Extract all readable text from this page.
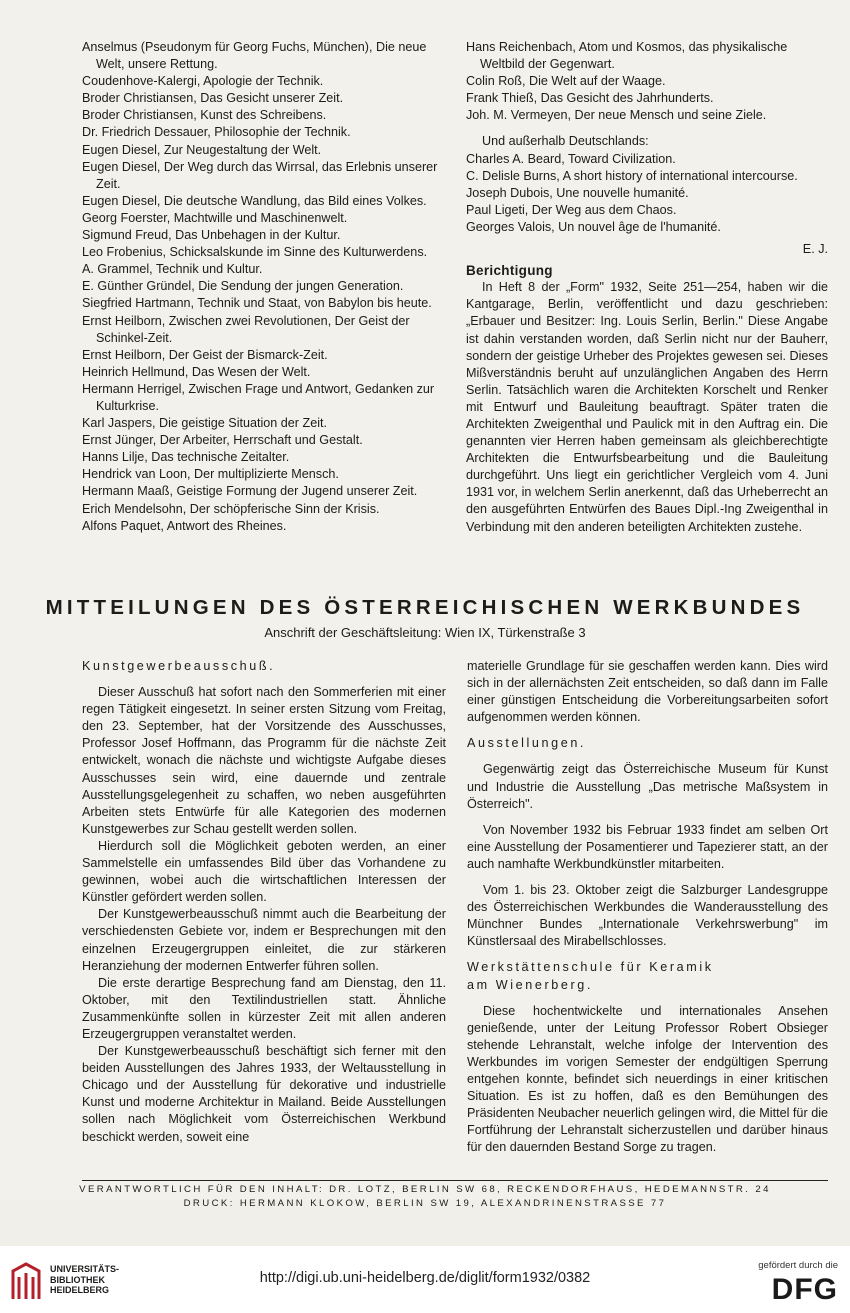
Anselmus (Pseudonym für Georg Fuchs, München), Die neue Welt, unsere Rettung.

Coudenhove-Kalergi, Apologie der Technik.

Broder Christiansen, Das Gesicht unserer Zeit.

Broder Christiansen, Kunst des Schreibens.

Dr. Friedrich Dessauer, Philosophie der Technik.

Eugen Diesel, Zur Neugestaltung der Welt.

Eugen Diesel, Der Weg durch das Wirrsal, das Erlebnis unserer Zeit.

Eugen Diesel, Die deutsche Wandlung, das Bild eines Volkes.

Georg Foerster, Machtwille und Maschinenwelt.

Sigmund Freud, Das Unbehagen in der Kultur.

Leo Frobenius, Schicksalskunde im Sinne des Kulturwerdens.

A. Grammel, Technik und Kultur.

E. Günther Gründel, Die Sendung der jungen Generation.

Siegfried Hartmann, Technik und Staat, von Babylon bis heute.

Ernst Heilborn, Zwischen zwei Revolutionen, Der Geist der Schinkel-Zeit.

Ernst Heilborn, Der Geist der Bismarck-Zeit.

Heinrich Hellmund, Das Wesen der Welt.

Hermann Herrigel, Zwischen Frage und Antwort, Gedanken zur Kulturkrise.

Karl Jaspers, Die geistige Situation der Zeit.

Ernst Jünger, Der Arbeiter, Herrschaft und Gestalt.

Hanns Lilje, Das technische Zeitalter.

Hendrick van Loon, Der multiplizierte Mensch.

Hermann Maaß, Geistige Formung der Jugend unserer Zeit.

Erich Mendelsohn, Der schöpferische Sinn der Krisis.

Alfons Paquet, Antwort des Rheines.

Hans Reichenbach, Atom und Kosmos, das physikalische Weltbild der Gegenwart.

Colin Roß, Die Welt auf der Waage.

Frank Thieß, Das Gesicht des Jahrhunderts.

Joh. M. Vermeyen, Der neue Mensch und seine Ziele.

Und außerhalb Deutschlands:

Charles A. Beard, Toward Civilization.

C. Delisle Burns, A short history of international intercourse.

Joseph Dubois, Une nouvelle humanité.

Paul Ligeti, Der Weg aus dem Chaos.

Georges Valois, Un nouvel âge de l'humanité.

E. J.

Berichtigung

In Heft 8 der „Form" 1932, Seite 251—254, haben wir die Kantgarage, Berlin, veröffentlicht und dazu geschrieben: „Erbauer und Besitzer: Ing. Louis Serlin, Berlin." Diese Angabe ist dahin verstanden worden, daß Serlin nicht nur der Bauherr, sondern der geistige Urheber des Projektes gewesen sei. Dieses Mißverständnis beruht auf unzulänglichen Angaben des Herrn Serlin. Tatsächlich waren die Architekten Korschelt und Renker mit Entwurf und Bauleitung beauftragt. Später traten die Architekten Zweigenthal und Paulick mit in den Auftrag ein. Die genannten vier Herren haben gemeinsam als gleichberechtigte Architekten die Entwurfsbearbeitung und die Bauleitung durchgeführt. Uns liegt ein gerichtlicher Vergleich vom 4. Juni 1931 vor, in welchem Serlin anerkennt, daß das Urheberrecht an den ausgeführten Entwürfen des Baues Dipl.-Ing Zweigenthal in Verbindung mit den anderen beteiligten Architekten zustehe.

MITTEILUNGEN DES ÖSTERREICHISCHEN WERKBUNDES
Anschrift der Geschäftsleitung: Wien IX, Türkenstraße 3

Kunstgewerbeausschuß.

Dieser Ausschuß hat sofort nach den Sommerferien mit einer regen Tätigkeit eingesetzt. In seiner ersten Sitzung vom Freitag, den 23. September, hat der Vorsitzende des Ausschusses, Professor Josef Hoffmann, das Programm für die nächste Zeit entwickelt, wonach die nächste und wichtigste Aufgabe dieses Ausschusses sein wird, eine dauernde und zentrale Ausstellungsgelegenheit zu schaffen, wo neben ausgeführten Arbeiten stets Entwürfe für alle Kategorien des modernen Kunstgewerbes zur Schau gestellt werden sollen.

Hierdurch soll die Möglichkeit geboten werden, an einer Sammelstelle ein umfassendes Bild über das Vorhandene zu gewinnen, wobei auch die wirtschaftlichen Interessen der Künstler gefördert werden sollen.

Der Kunstgewerbeausschuß nimmt auch die Bearbeitung der verschiedensten Gebiete vor, indem er Besprechungen mit den einzelnen Erzeugergruppen einleitet, die zur stärkeren Heranziehung der modernen Entwerfer führen sollen.

Die erste derartige Besprechung fand am Dienstag, den 11. Oktober, mit den Textilindustriellen statt. Ähnliche Zusammenkünfte sollen in kürzester Zeit mit allen anderen Erzeugergruppen veranstaltet werden.

Der Kunstgewerbeausschuß beschäftigt sich ferner mit den beiden Ausstellungen des Jahres 1933, der Weltausstellung in Chicago und der Ausstellung für dekorative und industrielle Kunst und moderne Architektur in Mailand. Beide Ausstellungen sollen nach Möglichkeit vom Österreichischen Werkbund beschickt werden, soweit eine

materielle Grundlage für sie geschaffen werden kann. Dies wird sich in der allernächsten Zeit entscheiden, so daß dann im Falle einer günstigen Entscheidung die Vorbereitungsarbeiten sofort aufgenommen werden können.

Ausstellungen.

Gegenwärtig zeigt das Österreichische Museum für Kunst und Industrie die Ausstellung „Das metrische Maßsystem in Österreich".

Von November 1932 bis Februar 1933 findet am selben Ort eine Ausstellung der Posamentierer und Tapezierer statt, an der auch namhafte Werkbundkünstler mitarbeiten.

Vom 1. bis 23. Oktober zeigt die Salzburger Landesgruppe des Österreichischen Werkbundes die Wanderausstellung des Münchner Bundes „Internationale Verkehrswerbung" im Künstlersaal des Mirabellschlosses.

Werkstättenschule für Keramik

am Wienerberg.

Diese hochentwickelte und internationales Ansehen genießende, unter der Leitung Professor Robert Obsieger stehende Lehranstalt, welche infolge der Intervention des Werkbundes im vorigen Semester der endgültigen Sperrung entgehen konnte, befindet sich neuerdings in einer kritischen Situation. Es ist zu hoffen, daß es den Bemühungen des Präsidenten Neubacher neuerlich gelingen wird, die Mittel für die Fortführung der Lehranstalt sicherzustellen und darüber hinaus für den dauernden Bestand Sorge zu tragen.

VERANTWORTLICH FÜR DEN INHALT: DR. LOTZ, BERLIN SW 68, RECKENDORFHAUS, HEDEMANNSTR. 24
DRUCK: HERMANN KLOKOW, BERLIN SW 19, ALEXANDRINENSTRASSE 77
UNIVERSITÄTS-
BIBLIOTHEK
HEIDELBERG
http://digi.ub.uni-heidelberg.de/diglit/form1932/0382
gefördert durch die
DFG
